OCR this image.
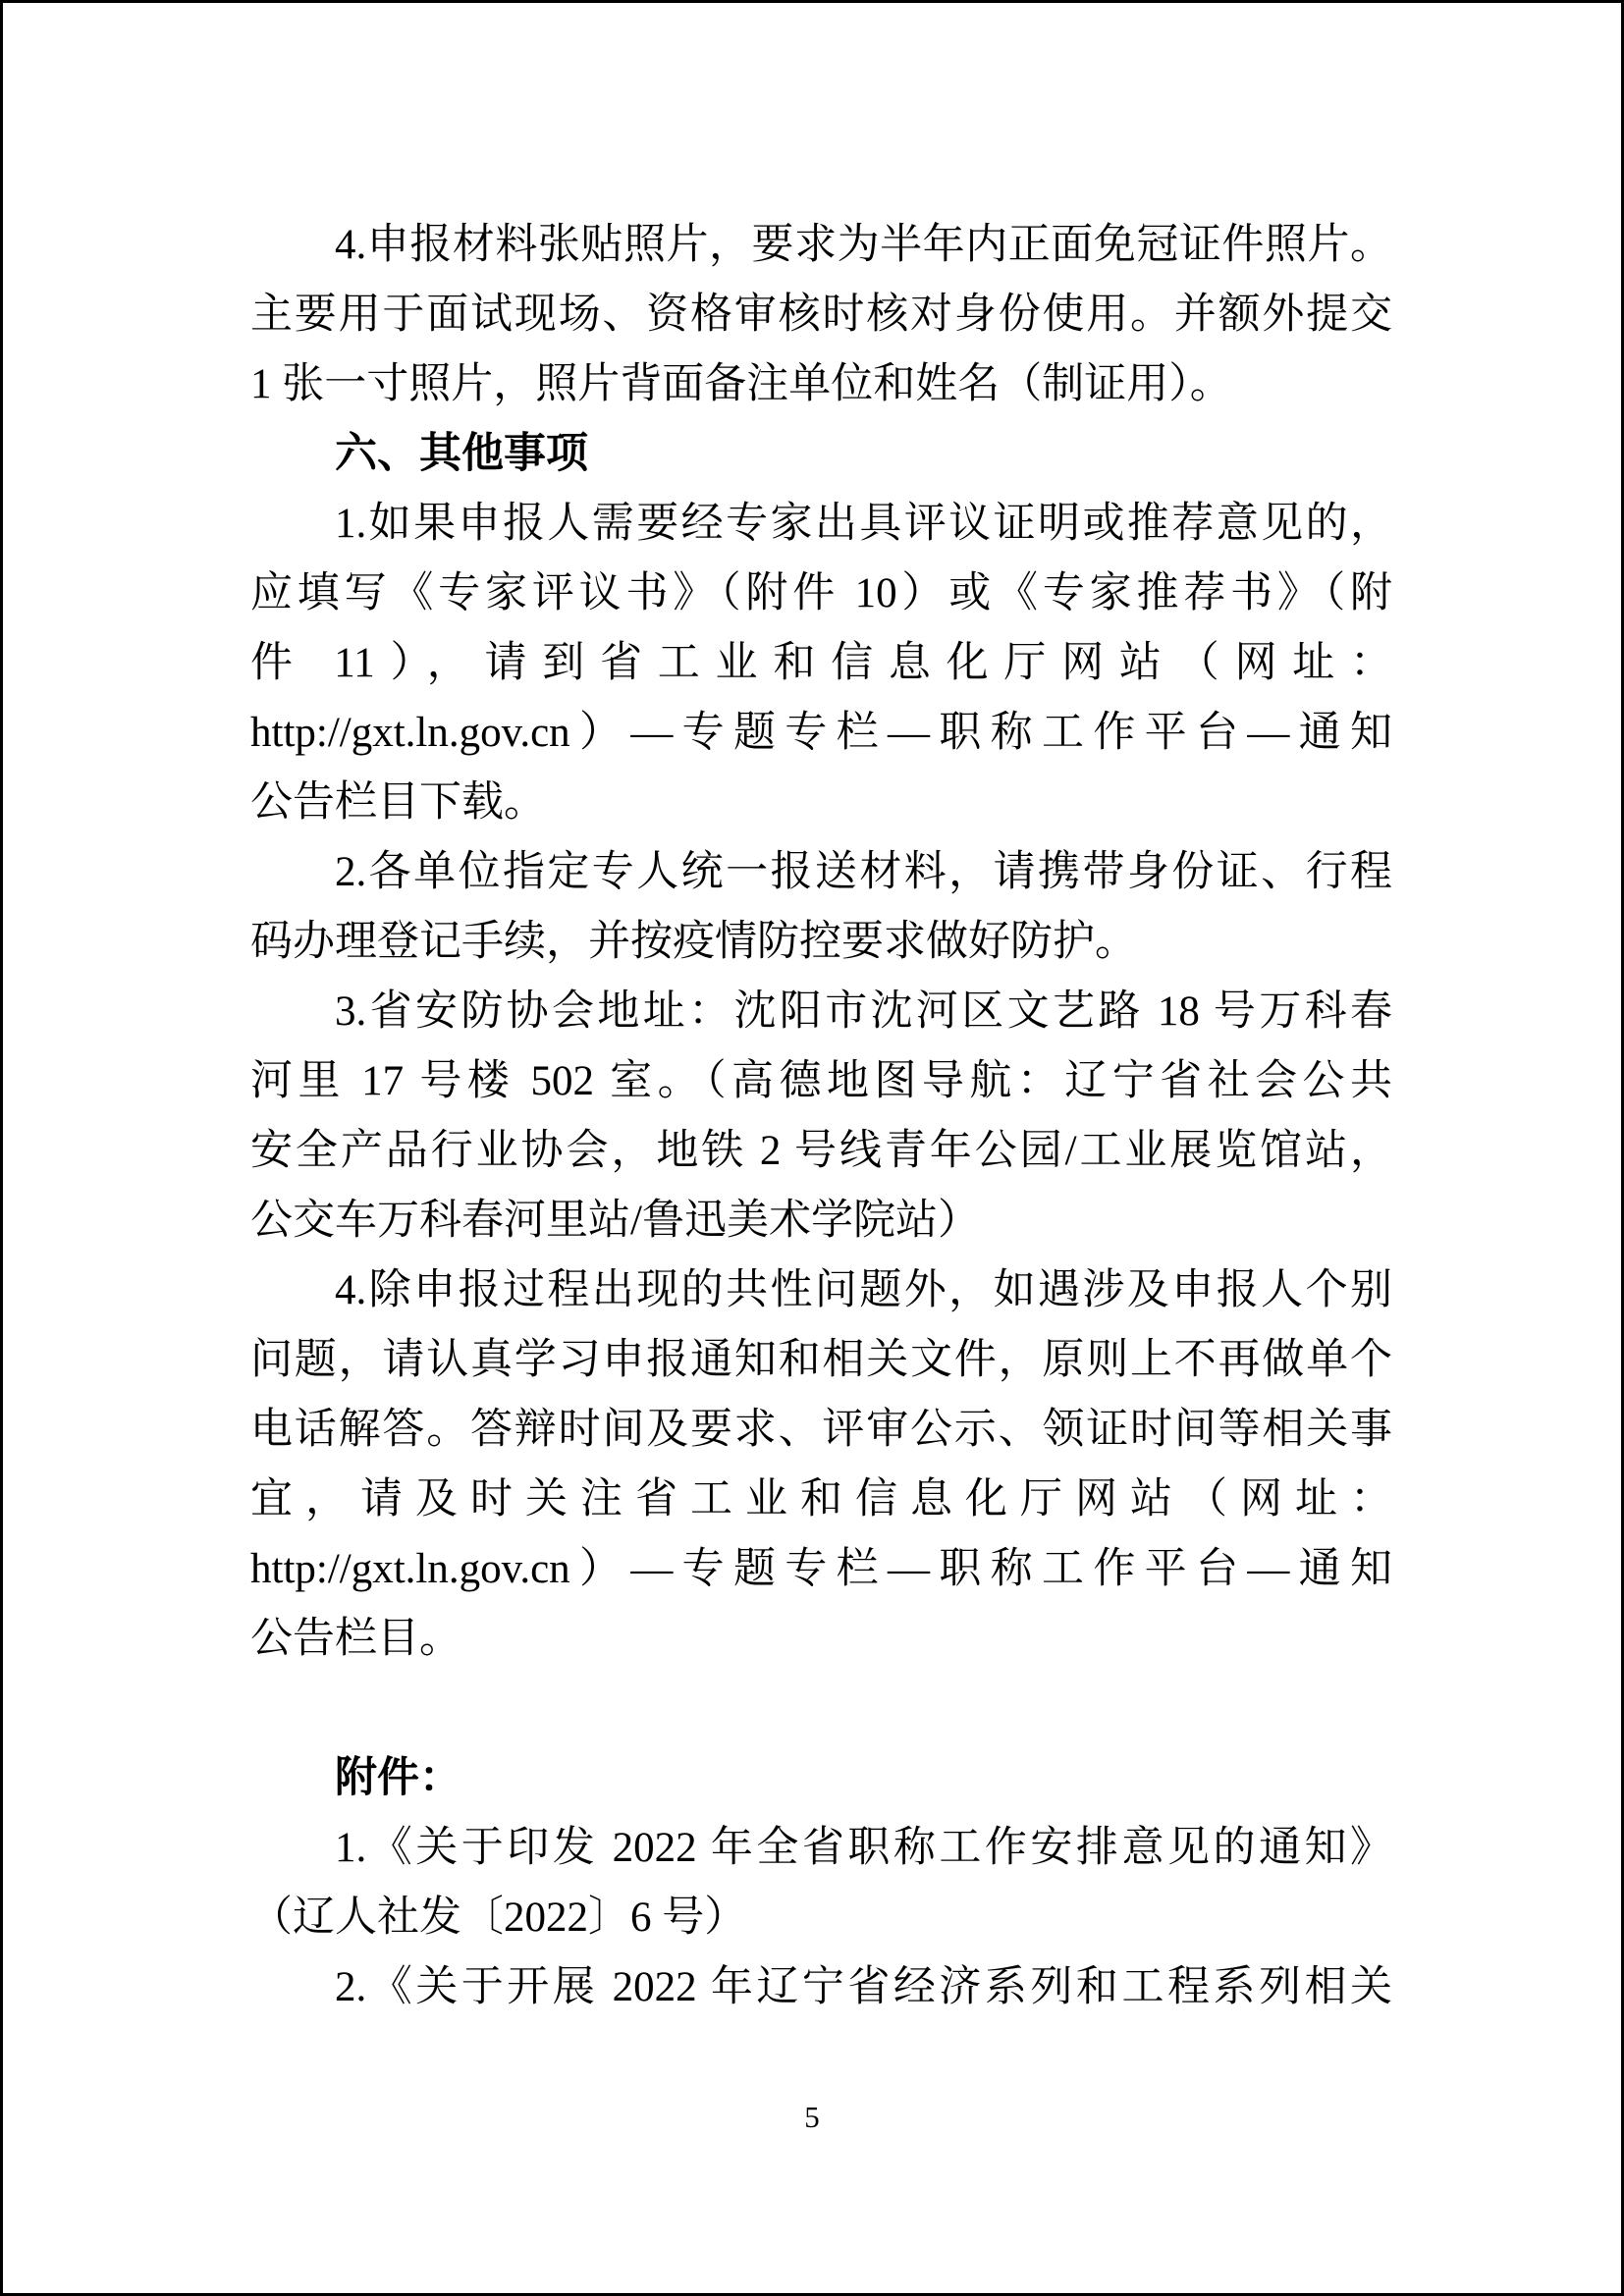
4.申报材料张贴照片，要求为半年内正面免冠证件照片。
主要用于面试现场、资格审核时核对身份使用。并额外提交
1 张一寸照片，照片背面备注单位和姓名（制证用）。
六、其他事项
1.如果申报人需要经专家出具评议证明或推荐意见的，
应填写《专家评议书》（附件 10）或《专家推荐书》（附
件 11），请到省工业和信息化厅网站（网址：
http://gxt.ln.gov.cn）—专题专栏—职称工作平台—通知
公告栏目下载。
2.各单位指定专人统一报送材料，请携带身份证、行程
码办理登记手续，并按疫情防控要求做好防护。
3.省安防协会地址：沈阳市沈河区文艺路 18 号万科春
河里 17 号楼 502 室。（高德地图导航：辽宁省社会公共
安全产品行业协会，地铁 2 号线青年公园/工业展览馆站，
公交车万科春河里站/鲁迅美术学院站）
4.除申报过程出现的共性问题外，如遇涉及申报人个别
问题，请认真学习申报通知和相关文件，原则上不再做单个
电话解答。答辩时间及要求、评审公示、领证时间等相关事
宜，请及时关注省工业和信息化厅网站（网址：
http://gxt.ln.gov.cn）—专题专栏—职称工作平台—通知
公告栏目。
附件：
1.《关于印发 2022 年全省职称工作安排意见的通知》
（辽人社发〔2022〕6 号）
2.《关于开展 2022 年辽宁省经济系列和工程系列相关
5
